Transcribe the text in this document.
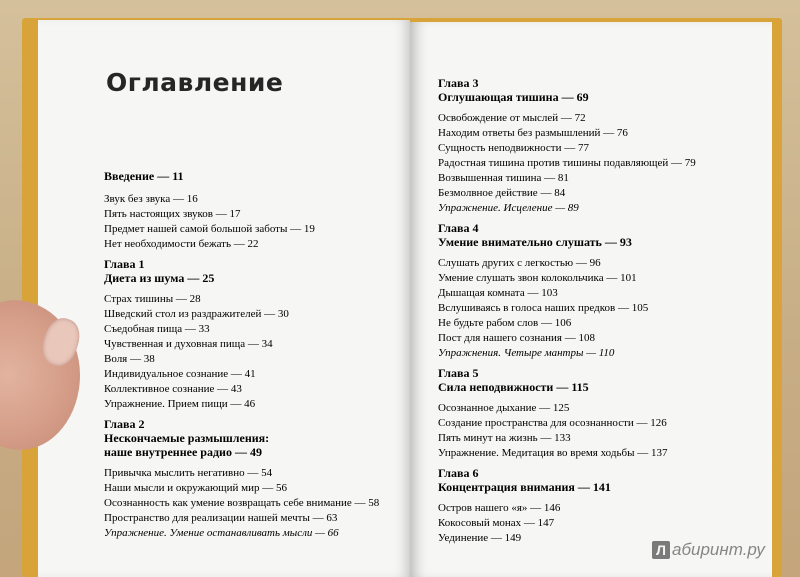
Оглавление
Введение — 11
Звук без звука — 16
Пять настоящих звуков — 17
Предмет нашей самой большой заботы — 19
Нет необходимости бежать — 22
Глава 1
Диета из шума — 25
Страх тишины — 28
Шведский стол из раздражителей — 30
Съедобная пища — 33
Чувственная и духовная пища — 34
Воля — 38
Индивидуальное сознание — 41
Коллективное сознание — 43
Упражнение. Прием пищи — 46
Глава 2
Нескончаемые размышления:
наше внутреннее радио — 49
Привычка мыслить негативно — 54
Наши мысли и окружающий мир — 56
Осознанность как умение возвращать себе внимание — 58
Пространство для реализации нашей мечты — 63
Упражнение. Умение останавливать мысли — 66
Глава 3
Оглушающая тишина — 69
Освобождение от мыслей — 72
Находим ответы без размышлений — 76
Сущность неподвижности — 77
Радостная тишина против тишины подавляющей — 79
Возвышенная тишина — 81
Безмолвное действие — 84
Упражнение. Исцеление — 89
Глава 4
Умение внимательно слушать — 93
Слушать других с легкостью — 96
Умение слушать звон колокольчика — 101
Дышащая комната — 103
Вслушиваясь в голоса наших предков — 105
Не будьте рабом слов — 106
Пост для нашего сознания — 108
Упражнения. Четыре мантры — 110
Глава 5
Сила неподвижности — 115
Осознанное дыхание — 125
Создание пространства для осознанности — 126
Пять минут на жизнь — 133
Упражнение. Медитация во время ходьбы — 137
Глава 6
Концентрация внимания — 141
Остров нашего «я» — 146
Кокосовый монах — 147
Уединение — 149
Л абиринт.ру
